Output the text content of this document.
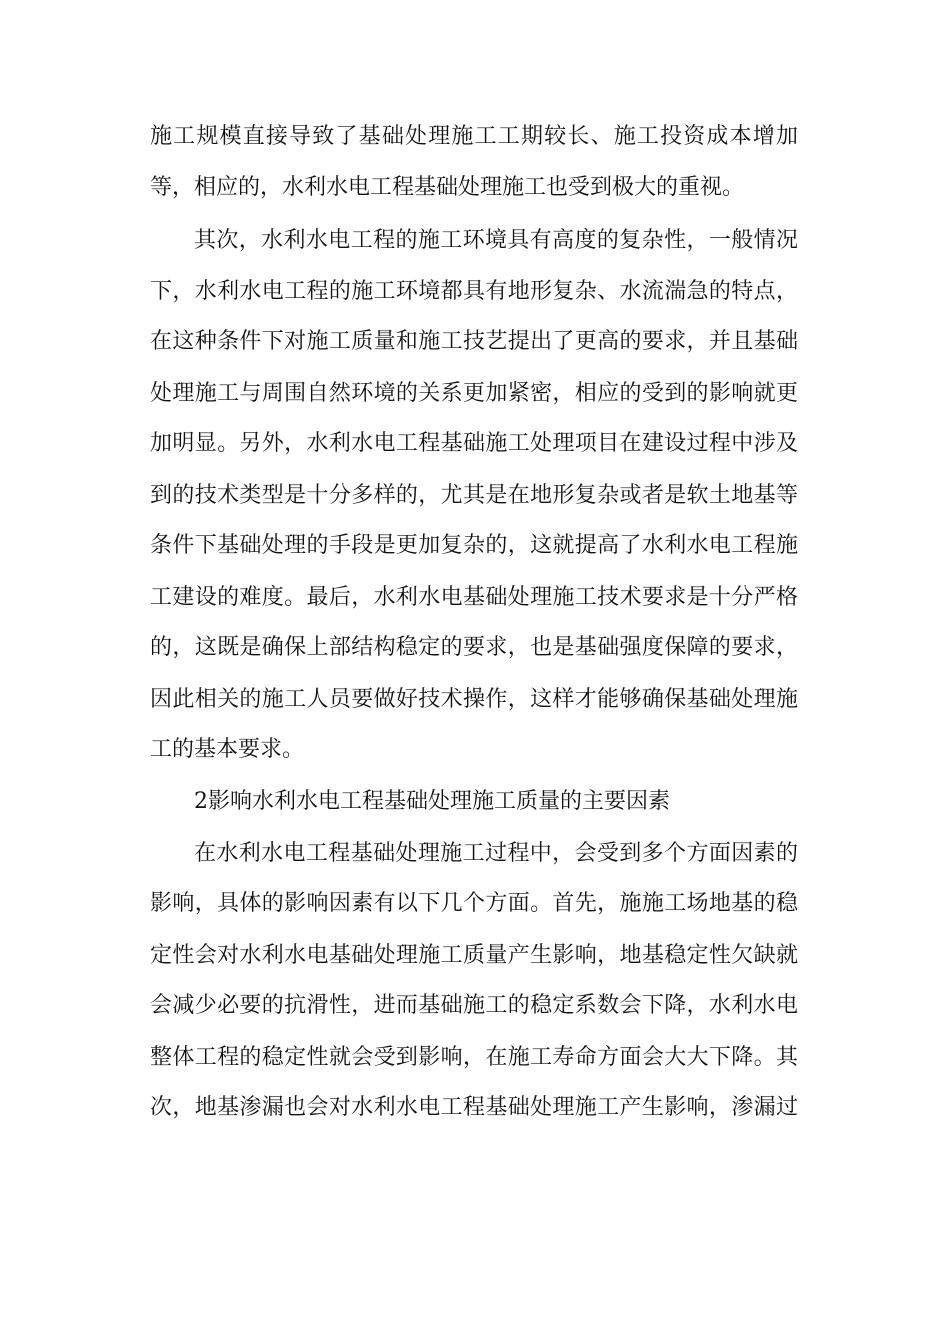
施工规模直接导致了基础处理施工工期较长、施工投资成本增加
等，相应的，水利水电工程基础处理施工也受到极大的重视。
其次，水利水电工程的施工环境具有高度的复杂性，一般情况
下，水利水电工程的施工环境都具有地形复杂、水流湍急的特点，
在这种条件下对施工质量和施工技艺提出了更高的要求，并且基础
处理施工与周围自然环境的关系更加紧密，相应的受到的影响就更
加明显。另外，水利水电工程基础施工处理项目在建设过程中涉及
到的技术类型是十分多样的，尤其是在地形复杂或者是软土地基等
条件下基础处理的手段是更加复杂的，这就提高了水利水电工程施
工建设的难度。最后，水利水电基础处理施工技术要求是十分严格
的，这既是确保上部结构稳定的要求，也是基础强度保障的要求，
因此相关的施工人员要做好技术操作，这样才能够确保基础处理施
工的基本要求。
2影响水利水电工程基础处理施工质量的主要因素
在水利水电工程基础处理施工过程中，会受到多个方面因素的
影响，具体的影响因素有以下几个方面。首先，施施工场地基的稳
定性会对水利水电基础处理施工质量产生影响，地基稳定性欠缺就
会减少必要的抗滑性，进而基础施工的稳定系数会下降，水利水电
整体工程的稳定性就会受到影响，在施工寿命方面会大大下降。其
次，地基渗漏也会对水利水电工程基础处理施工产生影响，渗漏过
